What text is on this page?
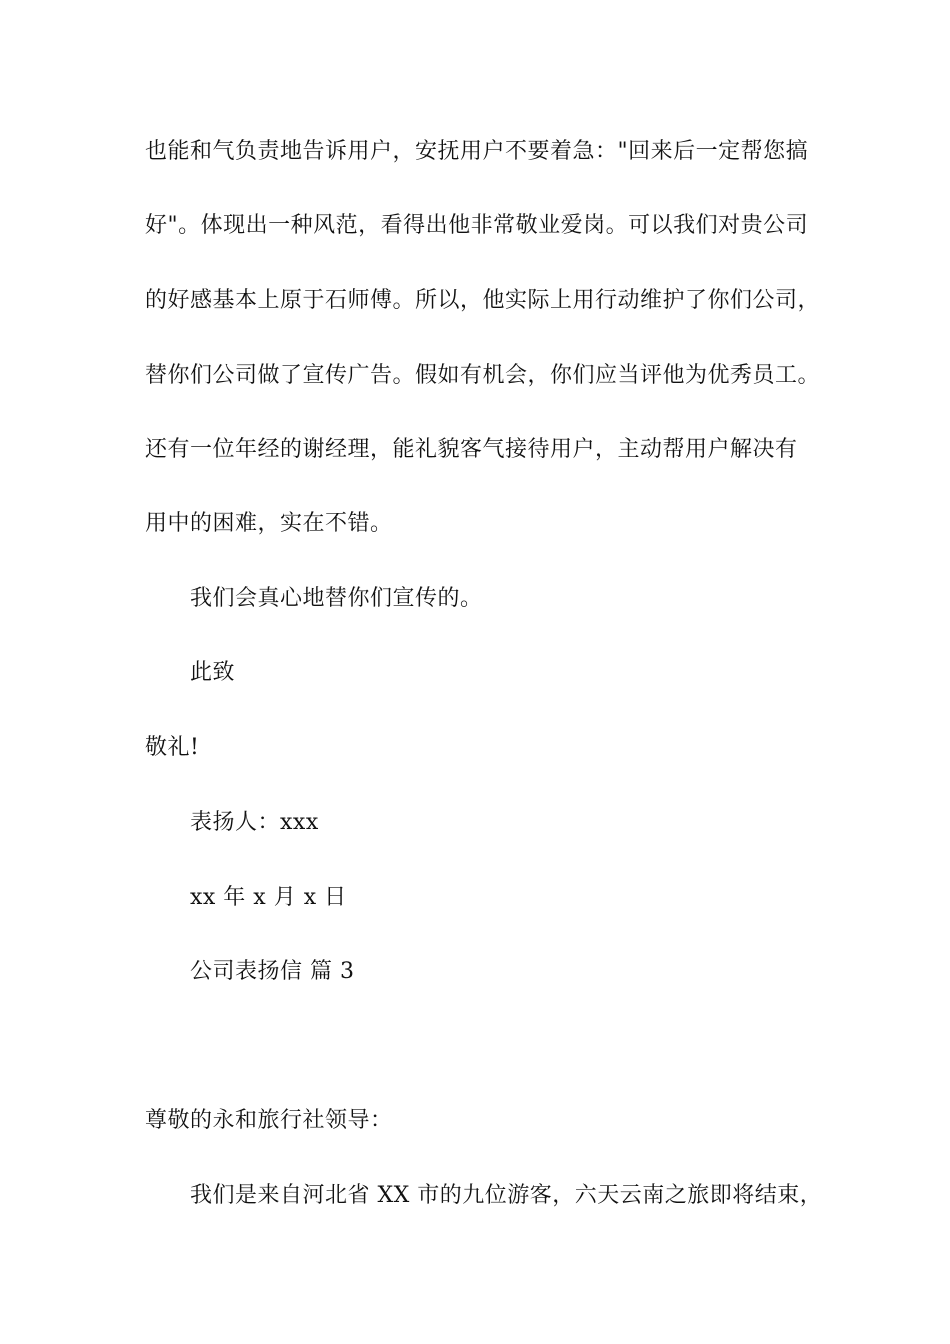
也能和气负责地告诉用户，安抚用户不要着急："回来后一定帮您搞
好"。体现出一种风范，看得出他非常敬业爱岗。可以我们对贵公司
的好感基本上原于石师傅。所以，他实际上用行动维护了你们公司，
替你们公司做了宣传广告。假如有机会，你们应当评他为优秀员工。
还有一位年经的谢经理，能礼貌客气接待用户，主动帮用户解决有
用中的困难，实在不错。
我们会真心地替你们宣传的。
此致
敬礼!
表扬人：xxx
xx 年 x 月 x 日
公司表扬信 篇 3
尊敬的永和旅行社领导：
我们是来自河北省 XX 市的九位游客，六天云南之旅即将结束，
